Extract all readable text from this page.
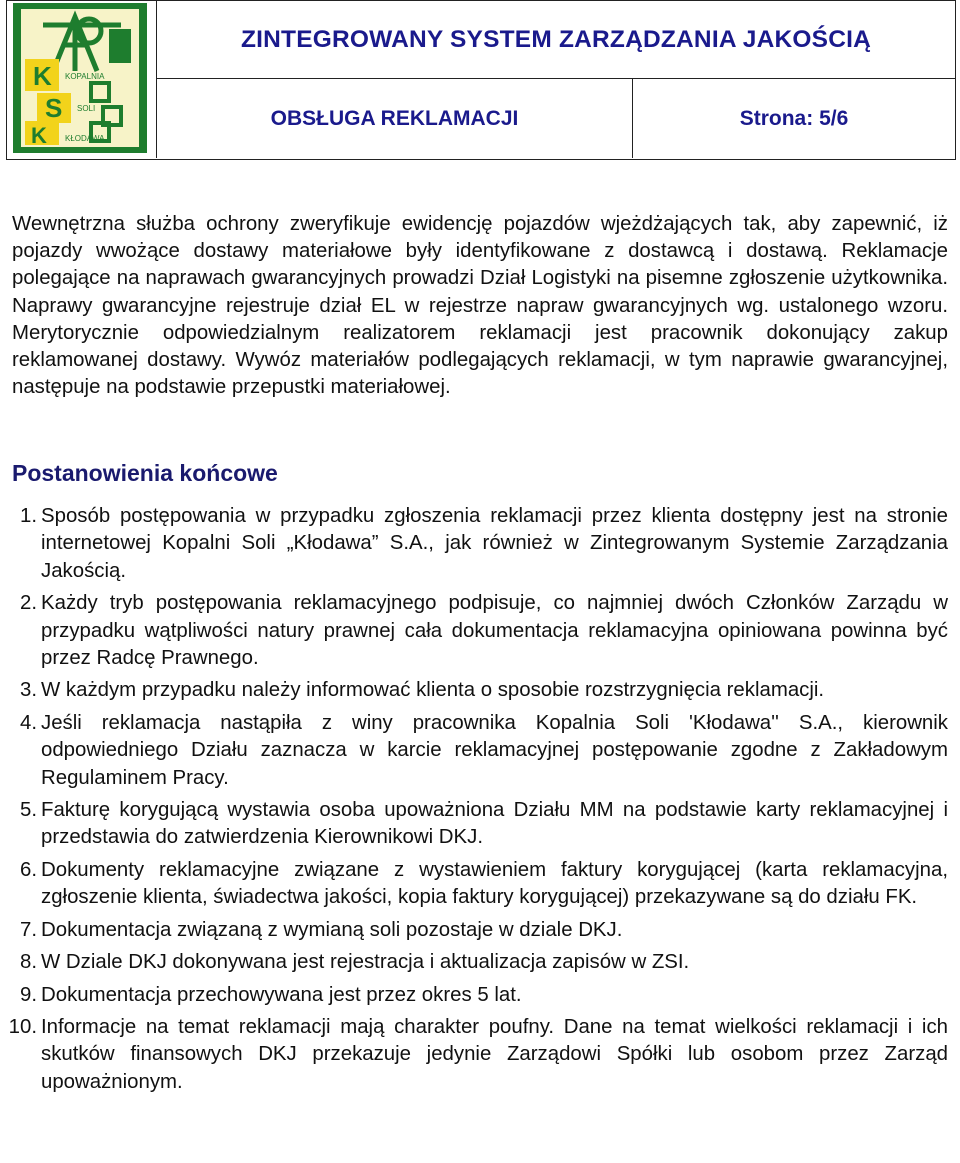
K
S
K
KOPALNIA
SOLI
KŁODAWA
ZINTEGROWANY SYSTEM ZARZĄDZANIA JAKOŚCIĄ
OBSŁUGA REKLAMACJI	Strona: 5/6

Wewnętrzna służba ochrony zweryfikuje ewidencję pojazdów wjeżdżających tak, aby zapewnić, iż pojazdy wwożące dostawy materiałowe były identyfikowane z dostawcą i dostawą. Reklamacje polegające na naprawach gwarancyjnych prowadzi Dział Logistyki na pisemne zgłoszenie użytkownika. Naprawy gwarancyjne rejestruje dział EL w rejestrze napraw gwarancyjnych wg. ustalonego wzoru. Merytorycznie odpowiedzialnym realizatorem reklamacji jest pracownik dokonujący zakup reklamowanej dostawy. Wywóz materiałów podlegających reklamacji, w tym naprawie gwarancyjnej, następuje na podstawie przepustki materiałowej.

Postanowienia końcowe
1. Sposób postępowania w przypadku zgłoszenia reklamacji przez klienta dostępny jest na stronie internetowej Kopalni Soli „Kłodawa” S.A., jak również w Zintegrowanym Systemie Zarządzania Jakością.
2. Każdy tryb postępowania reklamacyjnego podpisuje, co najmniej dwóch Członków Zarządu w przypadku wątpliwości natury prawnej cała dokumentacja reklamacyjna opiniowana powinna być przez Radcę Prawnego.
3. W każdym przypadku należy informować klienta o sposobie rozstrzygnięcia reklamacji.
4. Jeśli reklamacja nastąpiła z winy pracownika Kopalnia Soli 'Kłodawa'' S.A., kierownik odpowiedniego Działu zaznacza w karcie reklamacyjnej postępowanie zgodne z Zakładowym Regulaminem Pracy.
5. Fakturę korygującą wystawia osoba upoważniona Działu MM na podstawie karty reklamacyjnej i przedstawia do zatwierdzenia Kierownikowi DKJ.
6. Dokumenty reklamacyjne związane z wystawieniem faktury korygującej (karta reklamacyjna, zgłoszenie klienta, świadectwa jakości, kopia faktury korygującej) przekazywane są do działu FK.
7. Dokumentacja związaną z wymianą soli pozostaje w dziale DKJ.
8. W Dziale DKJ dokonywana jest rejestracja i aktualizacja zapisów w ZSI.
9. Dokumentacja przechowywana jest przez okres 5 lat.
10. Informacje na temat reklamacji mają charakter poufny. Dane na temat wielkości reklamacji i ich skutków finansowych DKJ przekazuje jedynie Zarządowi Spółki lub osobom przez Zarząd upoważnionym.
